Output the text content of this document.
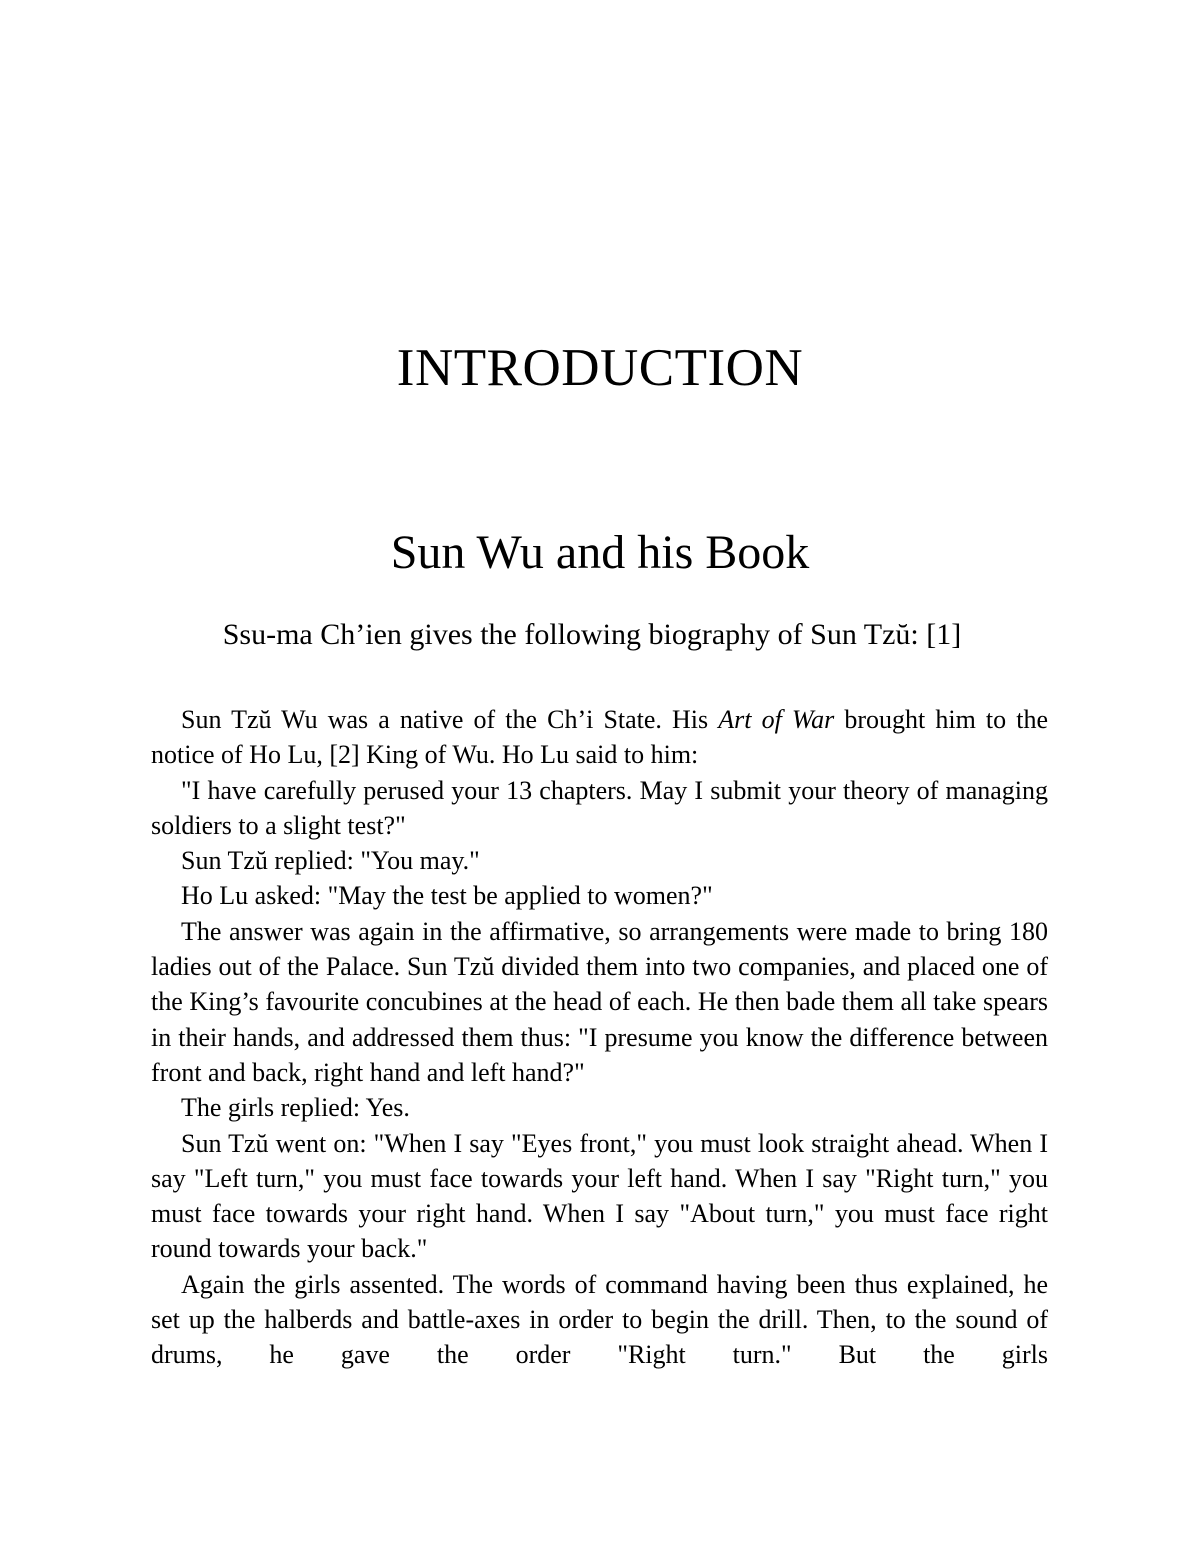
INTRODUCTION
Sun Wu and his Book

Ssu-ma Ch’ien gives the following biography of Sun Tzŭ: [1]

Sun Tzŭ Wu was a native of the Ch’i State. His Art of War brought him to the notice of Ho Lu, [2] King of Wu. Ho Lu said to him:

"I have carefully perused your 13 chapters. May I submit your theory of managing soldiers to a slight test?"

Sun Tzŭ replied: "You may."

Ho Lu asked: "May the test be applied to women?"

The answer was again in the affirmative, so arrangements were made to bring 180 ladies out of the Palace. Sun Tzŭ divided them into two companies, and placed one of the King’s favourite concubines at the head of each. He then bade them all take spears in their hands, and addressed them thus: "I presume you know the difference between front and back, right hand and left hand?"

The girls replied: Yes.

Sun Tzŭ went on: "When I say "Eyes front," you must look straight ahead. When I say "Left turn," you must face towards your left hand. When I say "Right turn," you must face towards your right hand. When I say "About turn," you must face right round towards your back."

Again the girls assented. The words of command having been thus explained, he set up the halberds and battle-axes in order to begin the drill. Then, to the sound of drums, he gave the order "Right turn." But the girls
